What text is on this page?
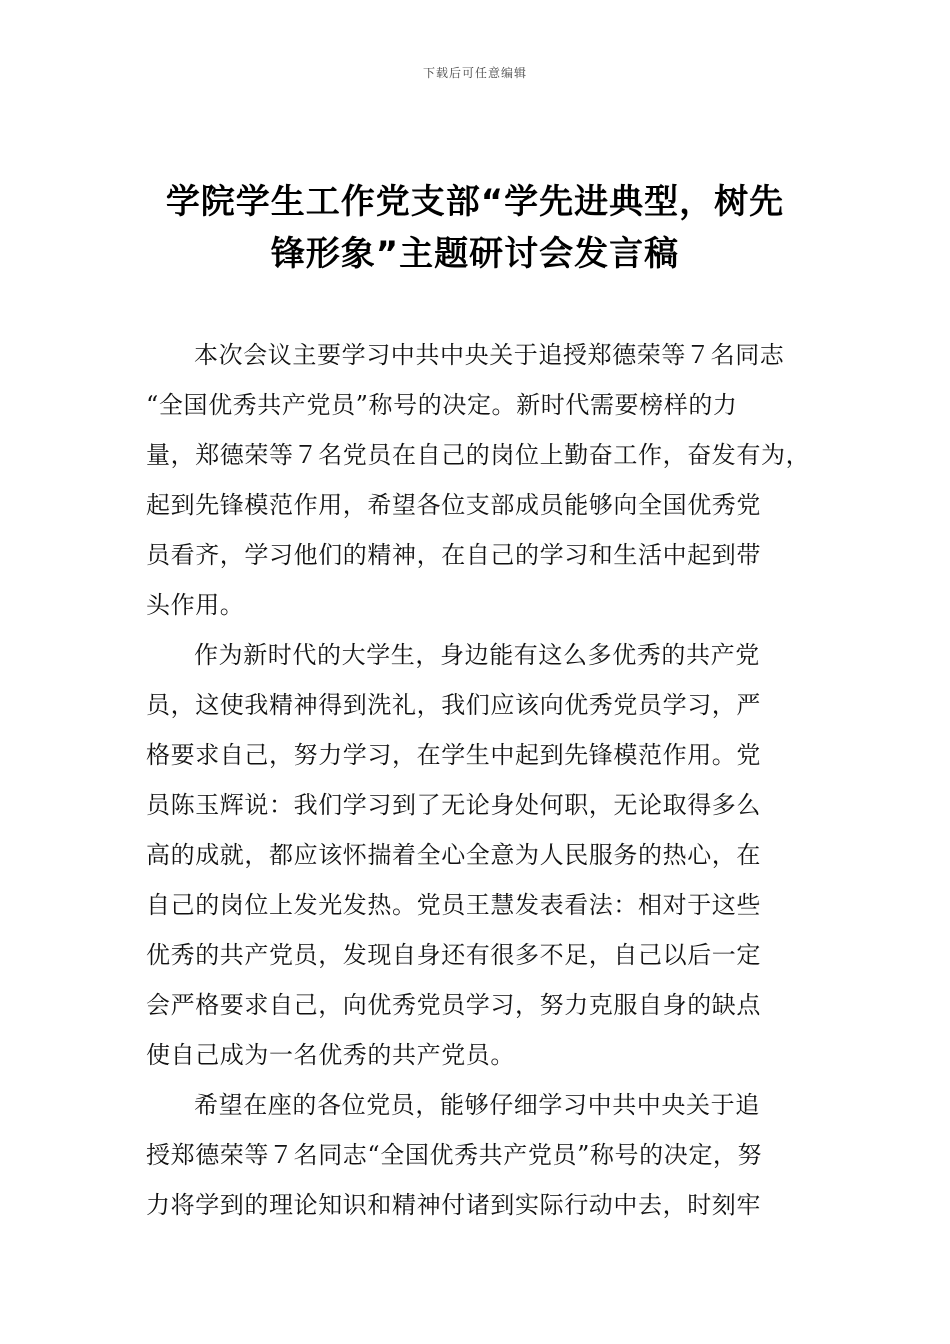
下载后可任意编辑
学院学生工作党支部“学先进典型，树先
锋形象”主题研讨会发言稿

本次会议主要学习中共中央关于追授郑德荣等７名同志
“全国优秀共产党员”称号的决定。新时代需要榜样的力
量，郑德荣等７名党员在自己的岗位上勤奋工作，奋发有为，
起到先锋模范作用，希望各位支部成员能够向全国优秀党
员看齐，学习他们的精神，在自己的学习和生活中起到带
头作用。

作为新时代的大学生，身边能有这么多优秀的共产党
员，这使我精神得到洗礼，我们应该向优秀党员学习，严
格要求自己，努力学习，在学生中起到先锋模范作用。党
员陈玉辉说：我们学习到了无论身处何职，无论取得多么
高的成就，都应该怀揣着全心全意为人民服务的热心，在
自己的岗位上发光发热。党员王慧发表看法：相对于这些
优秀的共产党员，发现自身还有很多不足，自己以后一定
会严格要求自己，向优秀党员学习，努力克服自身的缺点
使自己成为一名优秀的共产党员。

希望在座的各位党员，能够仔细学习中共中央关于追
授郑德荣等７名同志“全国优秀共产党员”称号的决定，努
力将学到的理论知识和精神付诸到实际行动中去，时刻牢
